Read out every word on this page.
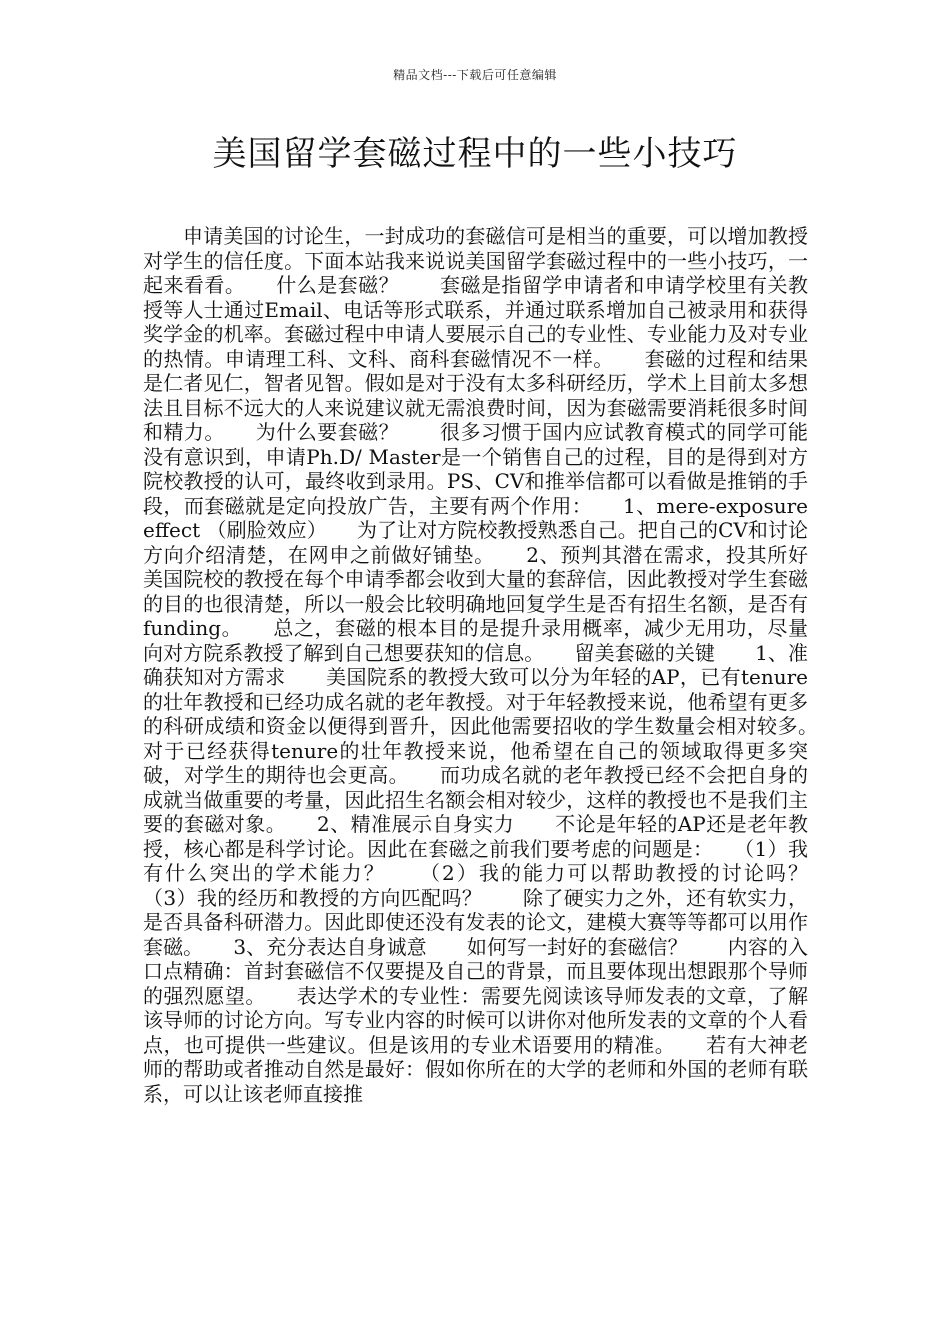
精品文档---下载后可任意编辑
美国留学套磁过程中的一些小技巧

申请美国的讨论生，一封成功的套磁信可是相当的重要，可以增加教授对学生的信任度。下面本站我来说说美国留学套磁过程中的一些小技巧，一起来看看。　　什么是套磁？　　套磁是指留学申请者和申请学校里有关教授等人士通过Email、电话等形式联系，并通过联系增加自己被录用和获得奖学金的机率。套磁过程中申请人要展示自己的专业性、专业能力及对专业的热情。申请理工科、文科、商科套磁情况不一样。　　套磁的过程和结果是仁者见仁，智者见智。假如是对于没有太多科研经历，学术上目前太多想法且目标不远大的人来说建议就无需浪费时间，因为套磁需要消耗很多时间和精力。　　为什么要套磁？　　很多习惯于国内应试教育模式的同学可能没有意识到，申请Ph.D/ Master是一个销售自己的过程，目的是得到对方院校教授的认可，最终收到录用。PS、CV和推举信都可以看做是推销的手段，而套磁就是定向投放广告，主要有两个作用：　　1、mere-exposure effect （刷脸效应）　　为了让对方院校教授熟悉自己。把自己的CV和讨论方向介绍清楚，在网申之前做好铺垫。　　2、预判其潜在需求，投其所好　　美国院校的教授在每个申请季都会收到大量的套辞信，因此教授对学生套磁的目的也很清楚，所以一般会比较明确地回复学生是否有招生名额，是否有funding。　　总之，套磁的根本目的是提升录用概率，减少无用功，尽量向对方院系教授了解到自己想要获知的信息。　　留美套磁的关键　　1、准确获知对方需求　　美国院系的教授大致可以分为年轻的AP，已有tenure的壮年教授和已经功成名就的老年教授。对于年轻教授来说，他希望有更多的科研成绩和资金以便得到晋升，因此他需要招收的学生数量会相对较多。　　对于已经获得tenure的壮年教授来说，他希望在自己的领域取得更多突破，对学生的期待也会更高。　　而功成名就的老年教授已经不会把自身的成就当做重要的考量，因此招生名额会相对较少，这样的教授也不是我们主要的套磁对象。　　2、精准展示自身实力　　不论是年轻的AP还是老年教授，核心都是科学讨论。因此在套磁之前我们要考虑的问题是：　　（1）我有什么突出的学术能力？　　（2）我的能力可以帮助教授的讨论吗？　　（3）我的经历和教授的方向匹配吗？　　除了硬实力之外，还有软实力，是否具备科研潜力。因此即使还没有发表的论文，建模大赛等等都可以用作套磁。　　3、充分表达自身诚意　　如何写一封好的套磁信？　　内容的入口点精确：首封套磁信不仅要提及自己的背景，而且要体现出想跟那个导师的强烈愿望。　　表达学术的专业性：需要先阅读该导师发表的文章，了解该导师的讨论方向。写专业内容的时候可以讲你对他所发表的文章的个人看点，也可提供一些建议。但是该用的专业术语要用的精准。　　若有大神老师的帮助或者推动自然是最好：假如你所在的大学的老师和外国的老师有联系，可以让该老师直接推
